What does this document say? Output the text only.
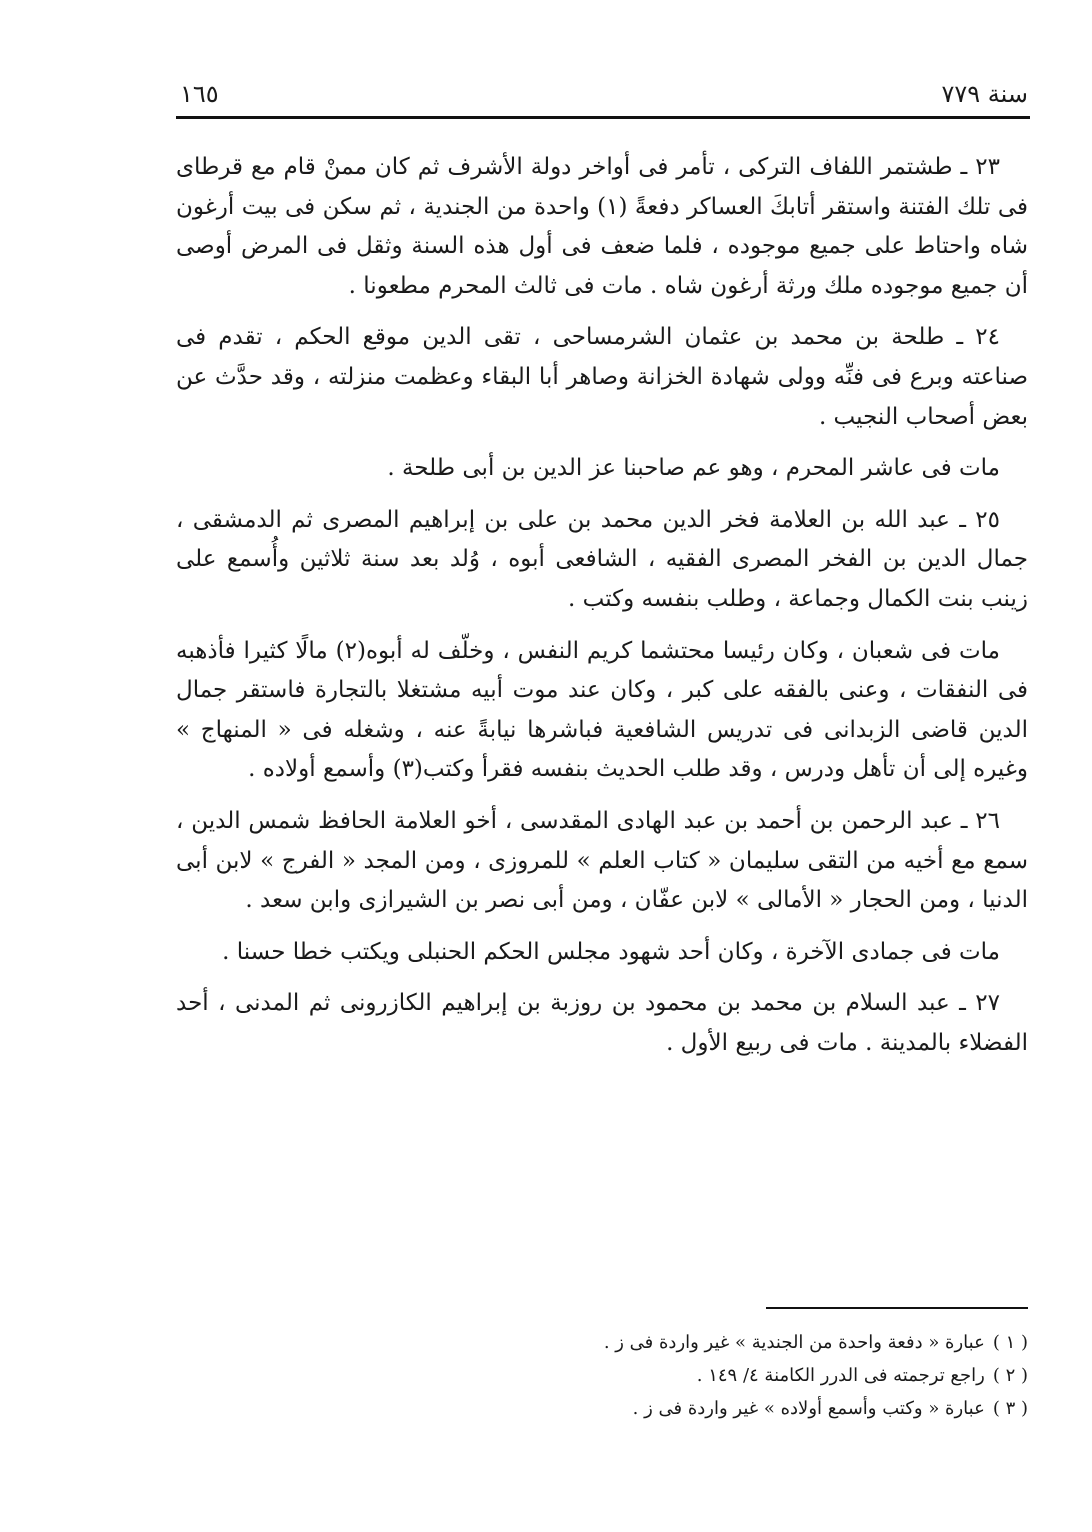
سنة ٧٧٩
١٦٥

٢٣ ـ طشتمر اللفاف التركى ، تأمر فى أواخر دولة الأشرف ثم كان ممنْ قام مع قرطاى فى تلك الفتنة واستقر أتابكَ العساكر دفعةً (١) واحدة من الجندية ، ثم سكن فى بيت أرغون شاه واحتاط على جميع موجوده ، فلما ضعف فى أول هذه السنة وثقل فى المرض أوصى أن جميع موجوده ملك ورثة أرغون شاه . مات فى ثالث المحرم مطعونا .

٢٤ ـ طلحة بن محمد بن عثمان الشرمساحى ، تقى الدين موقع الحكم ، تقدم فى صناعته وبرع فى فنِّه وولى شهادة الخزانة وصاهر أبا البقاء وعظمت منزلته ، وقد حدَّث عن بعض أصحاب النجيب .

مات فى عاشر المحرم ، وهو عم صاحبنا عز الدين بن أبى طلحة .

٢٥ ـ عبد الله بن العلامة فخر الدين محمد بن على بن إبراهيم المصرى ثم الدمشقى ، جمال الدين بن الفخر المصرى الفقيه ، الشافعى أبوه ، وُلد بعد سنة ثلاثين وأُسمع على زينب بنت الكمال وجماعة ، وطلب بنفسه وكتب .

مات فى شعبان ، وكان رئيسا محتشما كريم النفس ، وخلّف له أبوه(٢) مالًا كثيرا فأذهبه فى النفقات ، وعنى بالفقه على كبر ، وكان عند موت أبيه مشتغلا بالتجارة فاستقر جمال الدين قاضى الزبدانى فى تدريس الشافعية فباشرها نيابةً عنه ، وشغله فى « المنهاج » وغيره إلى أن تأهل ودرس ، وقد طلب الحديث بنفسه فقرأ وكتب(٣) وأسمع أولاده .

٢٦ ـ عبد الرحمن بن أحمد بن عبد الهادى المقدسى ، أخو العلامة الحافظ شمس الدين ، سمع مع أخيه من التقى سليمان « كتاب العلم » للمروزى ، ومن المجد « الفرج » لابن أبى الدنيا ، ومن الحجار « الأمالى » لابن عفّان ، ومن أبى نصر بن الشيرازى وابن سعد .

مات فى جمادى الآخرة ، وكان أحد شهود مجلس الحكم الحنبلى ويكتب خطا حسنا .

٢٧ ـ عبد السلام بن محمد بن محمود بن روزبة بن إبراهيم الكازرونى ثم المدنى ، أحد الفضلاء بالمدينة . مات فى ربيع الأول .

( ١ )عبارة « دفعة واحدة من الجندية » غير واردة فى ز .

( ٢ )راجع ترجمته فى الدرر الكامنة ٤/ ١٤٩ .

( ٣ )عبارة « وكتب وأسمع أولاده » غير واردة فى ز .
